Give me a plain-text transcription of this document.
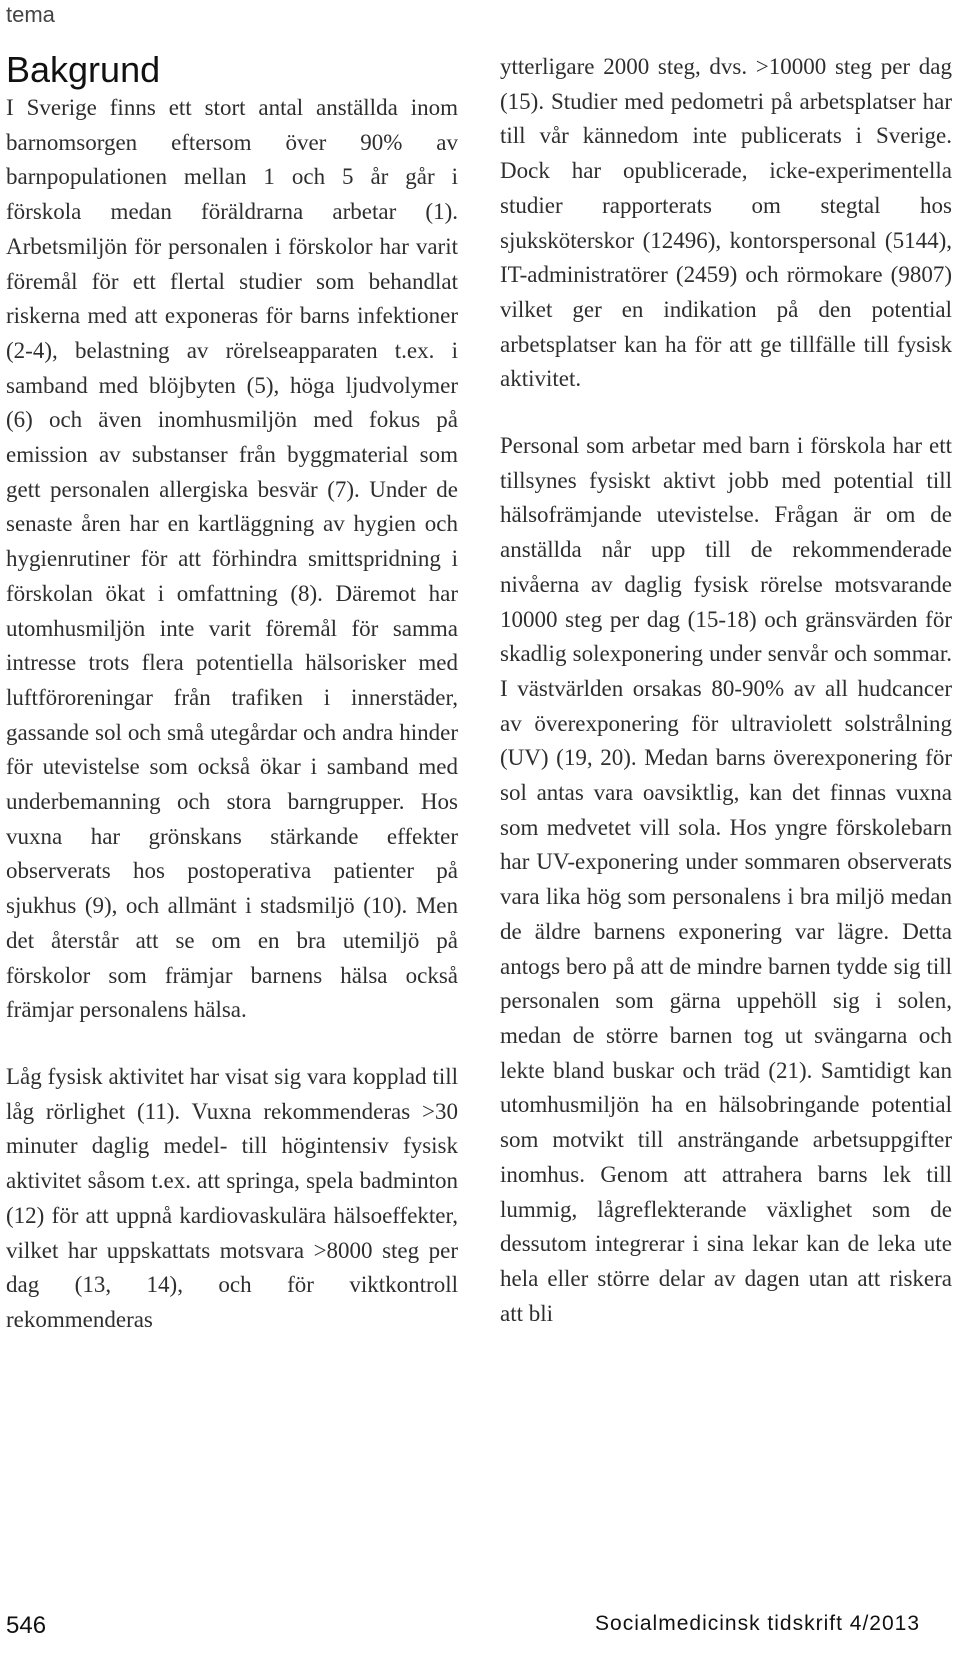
tema
Bakgrund

I Sverige finns ett stort antal anställda inom barnomsorgen eftersom över 90% av barnpopulationen mellan 1 och 5 år går i förskola medan föräldrarna arbetar (1). Arbetsmiljön för personalen i förskolor har varit föremål för ett flertal studier som behandlat riskerna med att exponeras för barns infektioner (2-4), belastning av rörelseapparaten t.ex. i samband med blöjbyten (5), höga ljudvolymer (6) och även inomhusmiljön med fokus på emission av substanser från byggmaterial som gett personalen allergiska besvär (7). Under de senaste åren har en kartläggning av hygien och hygienrutiner för att förhindra smittspridning i förskolan ökat i omfattning (8). Däremot har utomhusmiljön inte varit föremål för samma intresse trots flera potentiella hälsorisker med luftföroreningar från trafiken i innerstäder, gassande sol och små utegårdar och andra hinder för utevistelse som också ökar i samband med underbemanning och stora barngrupper. Hos vuxna har grönskans stärkande effekter observerats hos postoperativa patienter på sjukhus (9), och allmänt i stadsmiljö (10). Men det återstår att se om en bra utemiljö på förskolor som främjar barnens hälsa också främjar personalens hälsa.

Låg fysisk aktivitet har visat sig vara kopplad till låg rörlighet (11). Vuxna rekommenderas >30 minuter daglig medel- till högintensiv fysisk aktivitet såsom t.ex. att springa, spela badminton (12) för att uppnå kardiovaskulära hälsoeffekter, vilket har uppskattats motsvara >8000 steg per dag (13, 14), och för viktkontroll rekommenderas

ytterligare 2000 steg, dvs. >10000 steg per dag (15). Studier med pedometri på arbetsplatser har till vår kännedom inte publicerats i Sverige. Dock har opublicerade, icke-experimentella studier rapporterats om stegtal hos sjuksköterskor (12496), kontorspersonal (5144), IT-administratörer (2459) och rörmokare (9807) vilket ger en indikation på den potential arbetsplatser kan ha för att ge tillfälle till fysisk aktivitet.

Personal som arbetar med barn i förskola har ett tillsynes fysiskt aktivt jobb med potential till hälsofrämjande utevistelse. Frågan är om de anställda når upp till de rekommenderade nivåerna av daglig fysisk rörelse motsvarande 10000 steg per dag (15-18) och gränsvärden för skadlig solexponering under senvår och sommar. I västvärlden orsakas 80-90% av all hudcancer av överexponering för ultraviolett solstrålning (UV) (19, 20). Medan barns överexponering för sol antas vara oavsiktlig, kan det finnas vuxna som medvetet vill sola. Hos yngre förskolebarn har UV-exponering under sommaren observerats vara lika hög som personalens i bra miljö medan de äldre barnens exponering var lägre. Detta antogs bero på att de mindre barnen tydde sig till personalen som gärna uppehöll sig i solen, medan de större barnen tog ut svängarna och lekte bland buskar och träd (21). Samtidigt kan utomhusmiljön ha en hälsobringande potential som motvikt till ansträngande arbetsuppgifter inomhus. Genom att attrahera barns lek till lummig, lågreflekterande växlighet som de dessutom integrerar i sina lekar kan de leka ute hela eller större delar av dagen utan att riskera att bli

546	Socialmedicinsk tidskrift 4/2013
